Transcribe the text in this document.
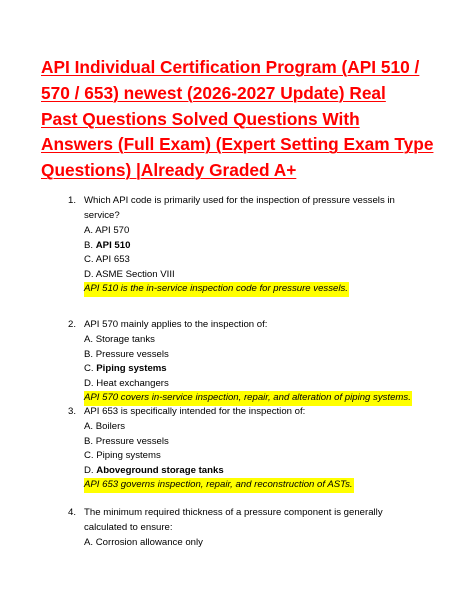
API Individual Certification Program (API 510 /
570 / 653) newest (2026-2027 Update) Real
Past Questions Solved Questions With
Answers (Full Exam) (Expert Setting Exam Type
Questions) |Already Graded A+
1. Which API code is primarily used for the inspection of pressure vessels in
service?
A. API 570
B. API 510
C. API 653
D. ASME Section VIII
API 510 is the in-service inspection code for pressure vessels.
2. API 570 mainly applies to the inspection of:
A. Storage tanks
B. Pressure vessels
C. Piping systems
D. Heat exchangers
API 570 covers in-service inspection, repair, and alteration of piping systems.
3. API 653 is specifically intended for the inspection of:
A. Boilers
B. Pressure vessels
C. Piping systems
D. Aboveground storage tanks
API 653 governs inspection, repair, and reconstruction of ASTs.
4. The minimum required thickness of a pressure component is generally
calculated to ensure:
A. Corrosion allowance only
